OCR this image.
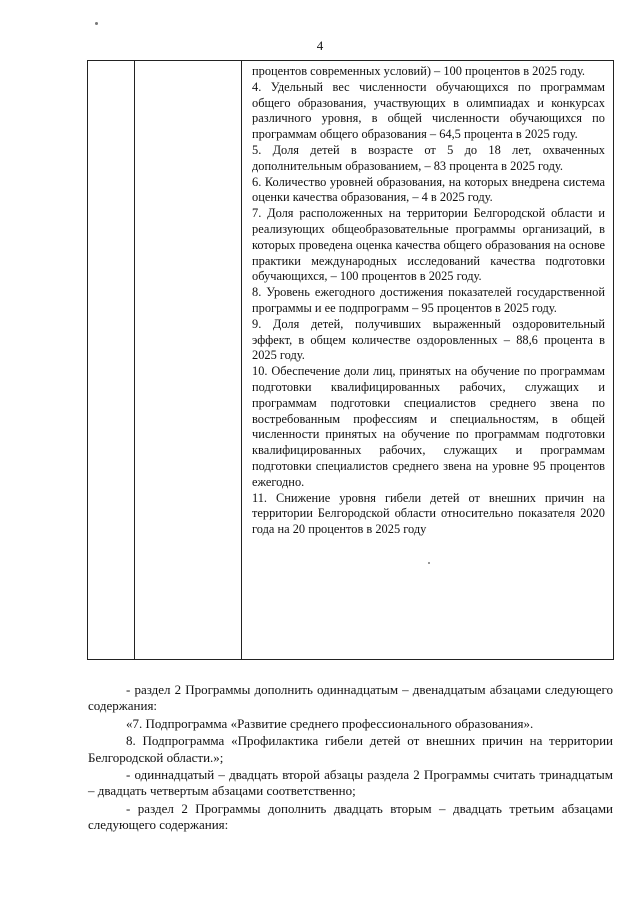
4

процентов современных условий) – 100 процентов в 2025 году.

4. Удельный вес численности обучающихся по программам общего образования, участвующих в олимпиадах и конкурсах различного уровня, в общей численности обучающихся по программам общего образования – 64,5 процента в 2025 году.

5. Доля детей в возрасте от 5 до 18 лет, охваченных дополнительным образованием, – 83 процента в 2025 году.

6. Количество уровней образования, на которых внедрена система оценки качества образования, – 4 в 2025 году.

7. Доля расположенных на территории Белгородской области и реализующих общеобразовательные программы организаций, в которых проведена оценка качества общего образования на основе практики международных исследований качества подготовки обучающихся, – 100 процентов в 2025 году.

8. Уровень ежегодного достижения показателей государственной программы и ее подпрограмм – 95 процентов в 2025 году.

9. Доля детей, получивших выраженный оздоровительный эффект, в общем количестве оздоровленных – 88,6 процента в 2025 году.

10. Обеспечение доли лиц, принятых на обучение по программам подготовки квалифицированных рабочих, служащих и программам подготовки специалистов среднего звена по востребованным профессиям и специальностям, в общей численности принятых на обучение по программам подготовки квалифицированных рабочих, служащих и программам подготовки специалистов среднего звена на уровне 95 процентов ежегодно.

11. Снижение уровня гибели детей от внешних причин на территории Белгородской области относительно показателя 2020 года на 20 процентов в 2025 году

- раздел 2 Программы дополнить одиннадцатым – двенадцатым абзацами следующего содержания:

«7. Подпрограмма «Развитие среднего профессионального образования».

8. Подпрограмма «Профилактика гибели детей от внешних причин на территории Белгородской области.»;

- одиннадцатый – двадцать второй абзацы раздела 2 Программы считать тринадцатым – двадцать четвертым абзацами соответственно;

- раздел 2 Программы дополнить двадцать вторым – двадцать третьим абзацами следующего содержания:
